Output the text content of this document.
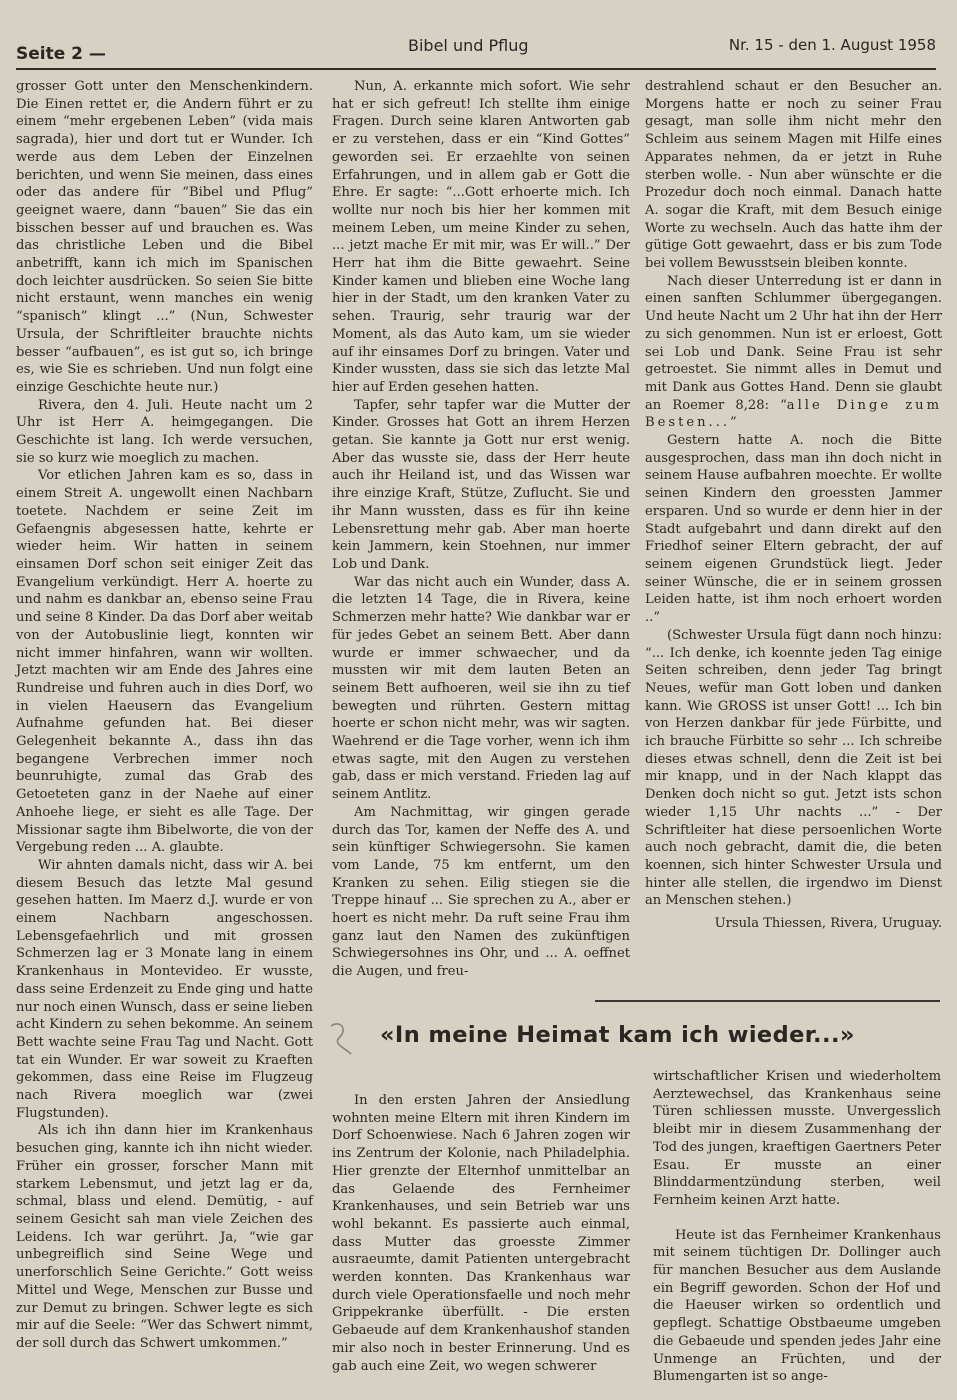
Seite 2 —	Bibel und Pflug	Nr. 15 - den 1. August 1958

grosser Gott unter den Menschenkindern. Die Einen rettet er, die Andern führt er zu einem “mehr ergebenen Leben” (vida mais sagrada), hier und dort tut er Wunder. Ich werde aus dem Leben der Einzelnen berichten, und wenn Sie meinen, dass eines oder das andere für “Bibel und Pflug” geeignet waere, dann “bauen” Sie das ein bisschen besser auf und brauchen es. Was das christliche Leben und die Bibel anbetrifft, kann ich mich im Spanischen doch leichter ausdrücken. So seien Sie bitte nicht erstaunt, wenn manches ein wenig “spanisch” klingt ...” (Nun, Schwester Ursula, der Schriftleiter brauchte nichts besser “aufbauen”, es ist gut so, ich bringe es, wie Sie es schrieben. Und nun folgt eine einzige Geschichte heute nur.)

Rivera, den 4. Juli. Heute nacht um 2 Uhr ist Herr A. heimgegangen. Die Geschichte ist lang. Ich werde versuchen, sie so kurz wie moeglich zu machen.

Vor etlichen Jahren kam es so, dass in einem Streit A. ungewollt einen Nachbarn toetete. Nachdem er seine Zeit im Gefaengnis abgesessen hatte, kehrte er wieder heim. Wir hatten in seinem einsamen Dorf schon seit einiger Zeit das Evangelium verkündigt. Herr A. hoerte zu und nahm es dankbar an, ebenso seine Frau und seine 8 Kinder. Da das Dorf aber weitab von der Autobuslinie liegt, konnten wir nicht immer hinfahren, wann wir wollten. Jetzt machten wir am Ende des Jahres eine Rundreise und fuhren auch in dies Dorf, wo in vielen Haeusern das Evangelium Aufnahme gefunden hat. Bei dieser Gelegenheit bekannte A., dass ihn das begangene Verbrechen immer noch beunruhigte, zumal das Grab des Getoeteten ganz in der Naehe auf einer Anhoehe liege, er sieht es alle Tage. Der Missionar sagte ihm Bibelworte, die von der Vergebung reden ... A. glaubte.

Wir ahnten damals nicht, dass wir A. bei diesem Besuch das letzte Mal gesund gesehen hatten. Im Maerz d.J. wurde er von einem Nachbarn angeschossen. Lebensgefaehrlich und mit grossen Schmerzen lag er 3 Monate lang in einem Krankenhaus in Montevideo. Er wusste, dass seine Erdenzeit zu Ende ging und hatte nur noch einen Wunsch, dass er seine lieben acht Kindern zu sehen bekomme. An seinem Bett wachte seine Frau Tag und Nacht. Gott tat ein Wunder. Er war soweit zu Kraeften gekommen, dass eine Reise im Flugzeug nach Rivera moeglich war (zwei Flugstunden).

Als ich ihn dann hier im Krankenhaus besuchen ging, kannte ich ihn nicht wieder. Früher ein grosser, forscher Mann mit starkem Lebensmut, und jetzt lag er da, schmal, blass und elend. Demütig, - auf seinem Gesicht sah man viele Zeichen des Leidens. Ich war gerührt. Ja, “wie gar unbegreiflich sind Seine Wege und unerforschlich Seine Gerichte.” Gott weiss Mittel und Wege, Menschen zur Busse und zur Demut zu bringen. Schwer legte es sich mir auf die Seele: “Wer das Schwert nimmt, der soll durch das Schwert umkommen.”

Nun, A. erkannte mich sofort. Wie sehr hat er sich gefreut! Ich stellte ihm einige Fragen. Durch seine klaren Antworten gab er zu verstehen, dass er ein “Kind Gottes” geworden sei. Er erzaehlte von seinen Erfahrungen, und in allem gab er Gott die Ehre. Er sagte: “...Gott erhoerte mich. Ich wollte nur noch bis hier her kommen mit meinem Leben, um meine Kinder zu sehen, ... jetzt mache Er mit mir, was Er will..” Der Herr hat ihm die Bitte gewaehrt. Seine Kinder kamen und blieben eine Woche lang hier in der Stadt, um den kranken Vater zu sehen. Traurig, sehr traurig war der Moment, als das Auto kam, um sie wieder auf ihr einsames Dorf zu bringen. Vater und Kinder wussten, dass sie sich das letzte Mal hier auf Erden gesehen hatten.

Tapfer, sehr tapfer war die Mutter der Kinder. Grosses hat Gott an ihrem Herzen getan. Sie kannte ja Gott nur erst wenig. Aber das wusste sie, dass der Herr heute auch ihr Heiland ist, und das Wissen war ihre einzige Kraft, Stütze, Zuflucht. Sie und ihr Mann wussten, dass es für ihn keine Lebensrettung mehr gab. Aber man hoerte kein Jammern, kein Stoehnen, nur immer Lob und Dank.

War das nicht auch ein Wunder, dass A. die letzten 14 Tage, die in Rivera, keine Schmerzen mehr hatte? Wie dankbar war er für jedes Gebet an seinem Bett. Aber dann wurde er immer schwaecher, und da mussten wir mit dem lauten Beten an seinem Bett aufhoeren, weil sie ihn zu tief bewegten und rührten. Gestern mittag hoerte er schon nicht mehr, was wir sagten. Waehrend er die Tage vorher, wenn ich ihm etwas sagte, mit den Augen zu verstehen gab, dass er mich verstand. Frieden lag auf seinem Antlitz.

Am Nachmittag, wir gingen gerade durch das Tor, kamen der Neffe des A. und sein künftiger Schwiegersohn. Sie kamen vom Lande, 75 km entfernt, um den Kranken zu sehen. Eilig stiegen sie die Treppe hinauf ... Sie sprechen zu A., aber er hoert es nicht mehr. Da ruft seine Frau ihm ganz laut den Namen des zukünftigen Schwiegersohnes ins Ohr, und ... A. oeffnet die Augen, und freu-

destrahlend schaut er den Besucher an. Morgens hatte er noch zu seiner Frau gesagt, man solle ihm nicht mehr den Schleim aus seinem Magen mit Hilfe eines Apparates nehmen, da er jetzt in Ruhe sterben wolle. - Nun aber wünschte er die Prozedur doch noch einmal. Danach hatte A. sogar die Kraft, mit dem Besuch einige Worte zu wechseln. Auch das hatte ihm der gütige Gott gewaehrt, dass er bis zum Tode bei vollem Bewusstsein bleiben konnte.

Nach dieser Unterredung ist er dann in einen sanften Schlummer übergegangen. Und heute Nacht um 2 Uhr hat ihn der Herr zu sich genommen. Nun ist er erloest, Gott sei Lob und Dank. Seine Frau ist sehr getroestet. Sie nimmt alles in Demut und mit Dank aus Gottes Hand. Denn sie glaubt an Roemer 8,28: “alle Dinge zum Besten...”

Gestern hatte A. noch die Bitte ausgesprochen, dass man ihn doch nicht in seinem Hause aufbahren moechte. Er wollte seinen Kindern den groessten Jammer ersparen. Und so wurde er denn hier in der Stadt aufgebahrt und dann direkt auf den Friedhof seiner Eltern gebracht, der auf seinem eigenen Grundstück liegt. Jeder seiner Wünsche, die er in seinem grossen Leiden hatte, ist ihm noch erhoert worden ..”

(Schwester Ursula fügt dann noch hinzu: “... Ich denke, ich koennte jeden Tag einige Seiten schreiben, denn jeder Tag bringt Neues, wefür man Gott loben und danken kann. Wie GROSS ist unser Gott! ... Ich bin von Herzen dankbar für jede Fürbitte, und ich brauche Fürbitte so sehr ... Ich schreibe dieses etwas schnell, denn die Zeit ist bei mir knapp, und in der Nach klappt das Denken doch nicht so gut. Jetzt ists schon wieder 1,15 Uhr nachts ...” - Der Schriftleiter hat diese persoenlichen Worte auch noch gebracht, damit die, die beten koennen, sich hinter Schwester Ursula und hinter alle stellen, die irgendwo im Dienst an Menschen stehen.)

Ursula Thiessen, Rivera, Uruguay.

«In meine Heimat kam ich wieder...»

In den ersten Jahren der Ansiedlung wohnten meine Eltern mit ihren Kindern im Dorf Schoenwiese. Nach 6 Jahren zogen wir ins Zentrum der Kolonie, nach Philadelphia. Hier grenzte der Elternhof unmittelbar an das Gelaende des Fernheimer Krankenhauses, und sein Betrieb war uns wohl bekannt. Es passierte auch einmal, dass Mutter das groesste Zimmer ausraeumte, damit Patienten untergebracht werden konnten. Das Krankenhaus war durch viele Operationsfaelle und noch mehr Grippekranke überfüllt. - Die ersten Gebaeude auf dem Krankenhaushof standen mir also noch in bester Erinnerung. Und es gab auch eine Zeit, wo wegen schwerer

wirtschaftlicher Krisen und wiederholtem Aerztewechsel, das Krankenhaus seine Türen schliessen musste. Unvergesslich bleibt mir in diesem Zusammenhang der Tod des jungen, kraeftigen Gaertners Peter Esau. Er musste an einer Blinddarmentzündung sterben, weil Fernheim keinen Arzt hatte.

Heute ist das Fernheimer Krankenhaus mit seinem tüchtigen Dr. Dollinger auch für manchen Besucher aus dem Auslande ein Begriff geworden. Schon der Hof und die Haeuser wirken so ordentlich und gepflegt. Schattige Obstbaeume umgeben die Gebaeude und spenden jedes Jahr eine Unmenge an Früchten, und der Blumengarten ist so ange-
